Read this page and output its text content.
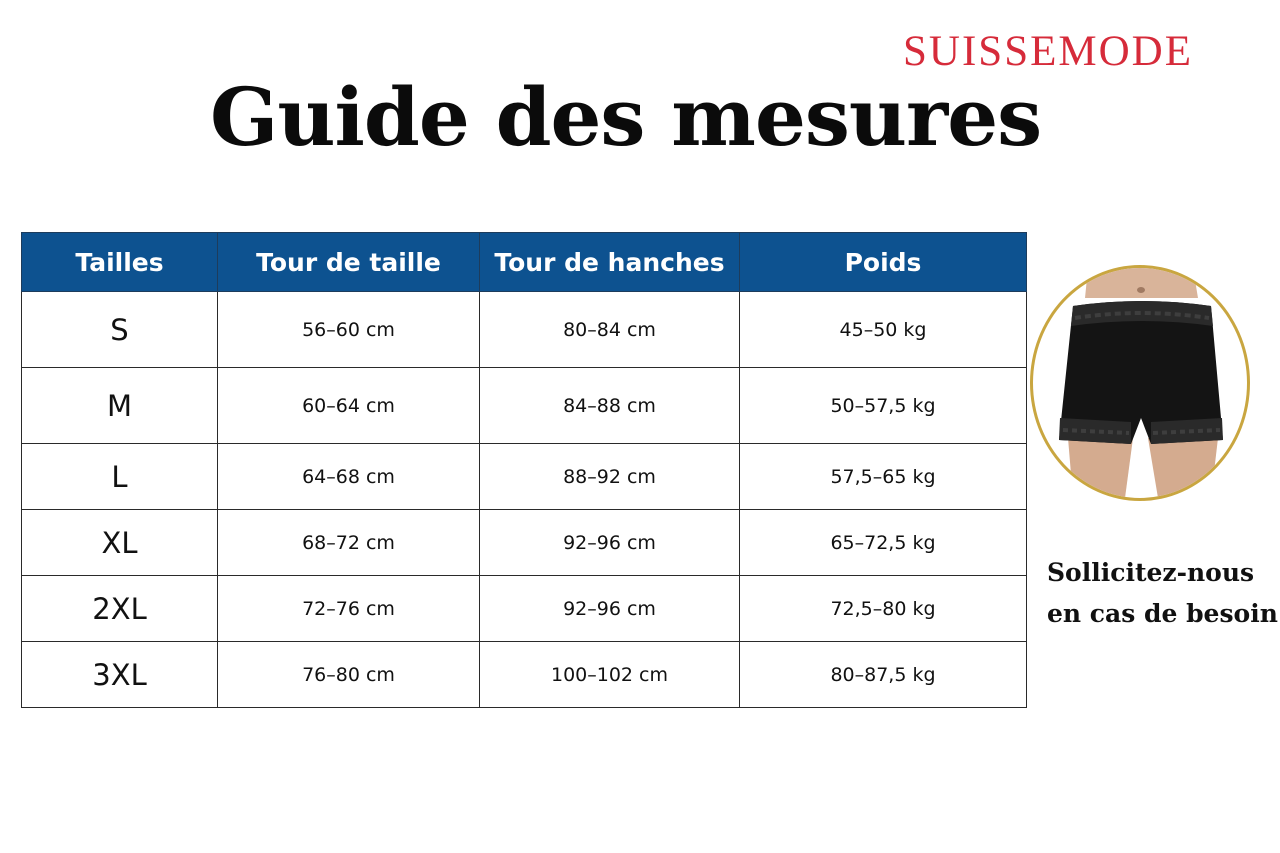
SUISSEMODE
Guide des mesures
Tailles	Tour de taille	Tour de hanches	Poids
S	56–60 cm	80–84 cm	45–50 kg
M	60–64 cm	84–88 cm	50–57,5 kg
L	64–68 cm	88–92 cm	57,5–65 kg
XL	68–72 cm	92–96 cm	65–72,5 kg
2XL	72–76 cm	92–96 cm	72,5–80 kg
3XL	76–80 cm	100–102 cm	80–87,5 kg
Sollicitez-nous
en cas de besoin
